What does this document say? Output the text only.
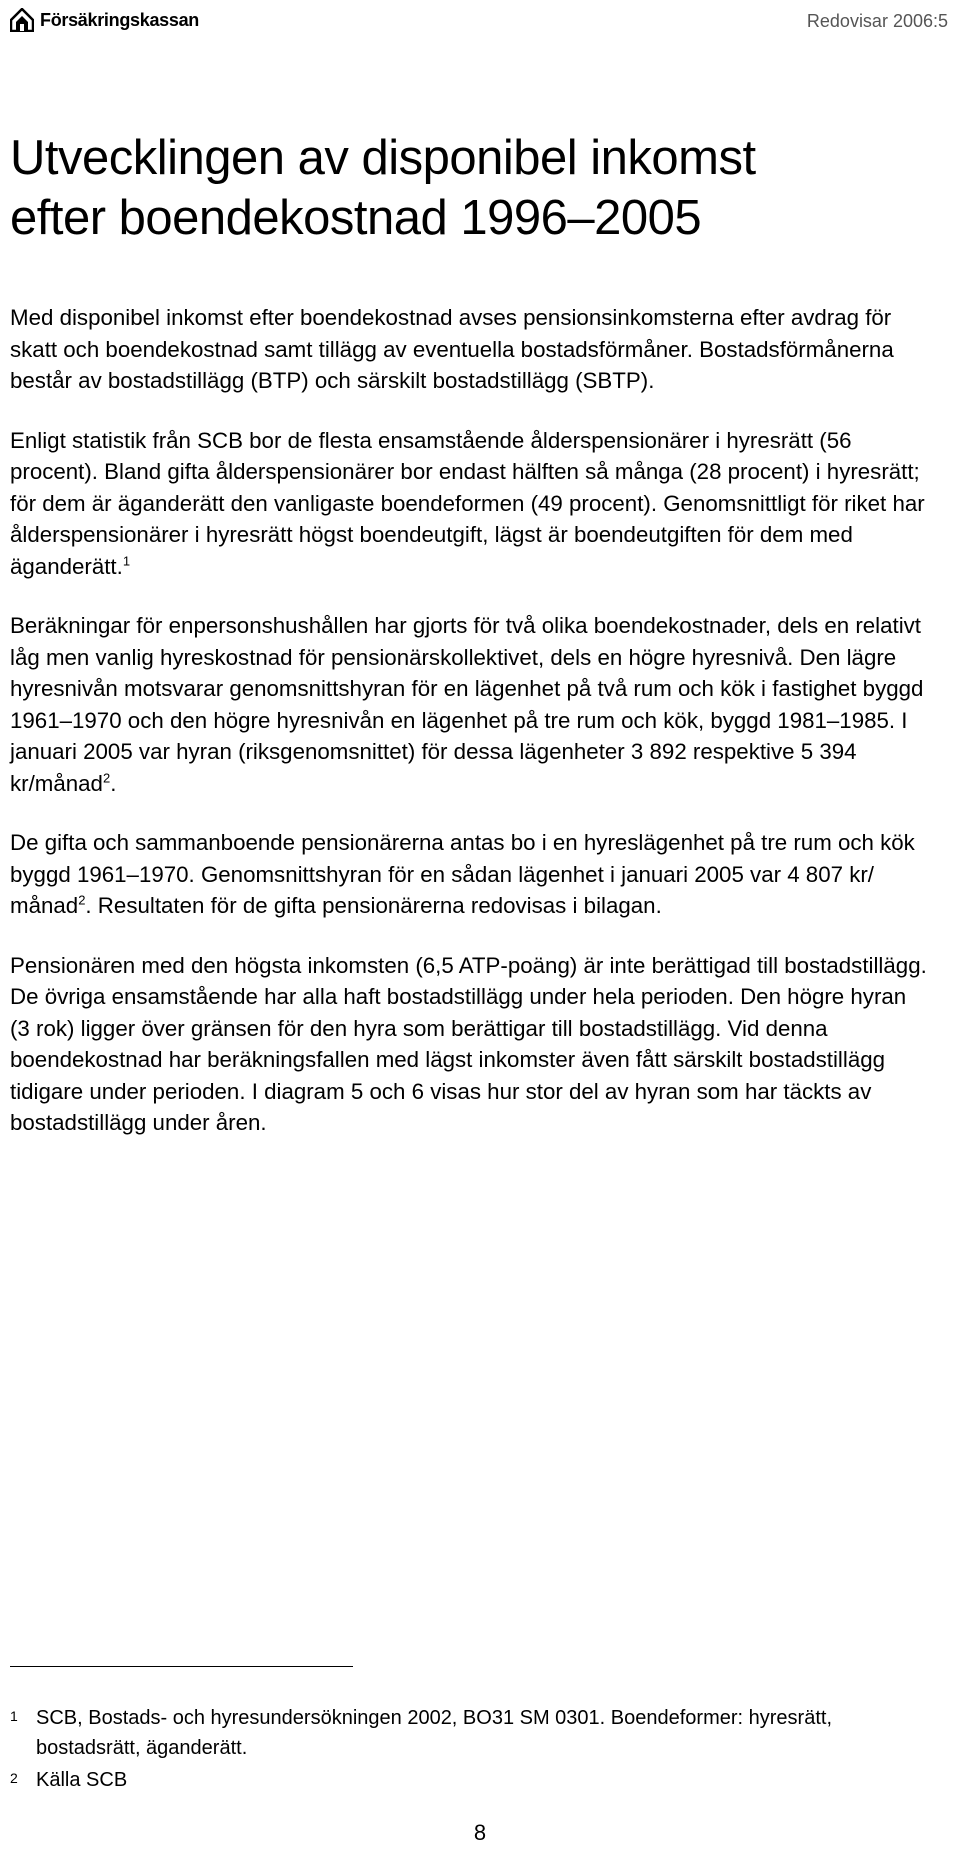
Försäkringskassan	Redovisar 2006:5
Utvecklingen av disponibel inkomst
efter boendekostnad 1996–2005

Med disponibel inkomst efter boendekostnad avses pensionsinkomsterna efter avdrag för skatt och boendekostnad samt tillägg av eventuella bostadsförmåner. Bostadsförmånerna består av bostadstillägg (BTP) och särskilt bostadstillägg (SBTP).

Enligt statistik från SCB bor de flesta ensamstående ålderspensionärer i hyresrätt (56 procent). Bland gifta ålderspensionärer bor endast hälften så många (28 procent) i hyresrätt; för dem är äganderätt den vanligaste boendeformen (49 procent). Genomsnittligt för riket har ålderspensionärer i hyresrätt högst boendeutgift, lägst är boendeutgiften för dem med äganderätt.$^1$

Beräkningar för enpersonshushållen har gjorts för två olika boendekostnader, dels en relativt låg men vanlig hyreskostnad för pensionärskollektivet, dels en högre hyresnivå. Den lägre hyresnivån motsvarar genomsnittshyran för en lägenhet på två rum och kök i fastighet byggd 1961–1970 och den högre hyresnivån en lägenhet på tre rum och kök, byggd 1981–1985. I januari 2005 var hyran (riksgenomsnittet) för dessa lägenheter 3 892 respektive 5 394 kr/månad$^2$.

De gifta och sammanboende pensionärerna antas bo i en hyreslägenhet på tre rum och kök byggd 1961–1970. Genomsnittshyran för en sådan lägenhet i januari 2005 var 4 807 kr/ månad$^2$. Resultaten för de gifta pensionärerna redovisas i bilagan.

Pensionären med den högsta inkomsten (6,5 ATP-poäng) är inte berättigad till bostadstillägg. De övriga ensamstående har alla haft bostadstillägg under hela perioden. Den högre hyran (3 rok) ligger över gränsen för den hyra som berättigar till bostadstillägg. Vid denna boendekostnad har beräkningsfallen med lägst inkomster även fått särskilt bostadstillägg tidigare under perioden. I diagram 5 och 6 visas hur stor del av hyran som har täckts av bostadstillägg under åren.

1 SCB, Bostads- och hyresundersökningen 2002, BO31 SM 0301. Boendeformer: hyresrätt, bostadsrätt, äganderätt.
2 Källa SCB
8
